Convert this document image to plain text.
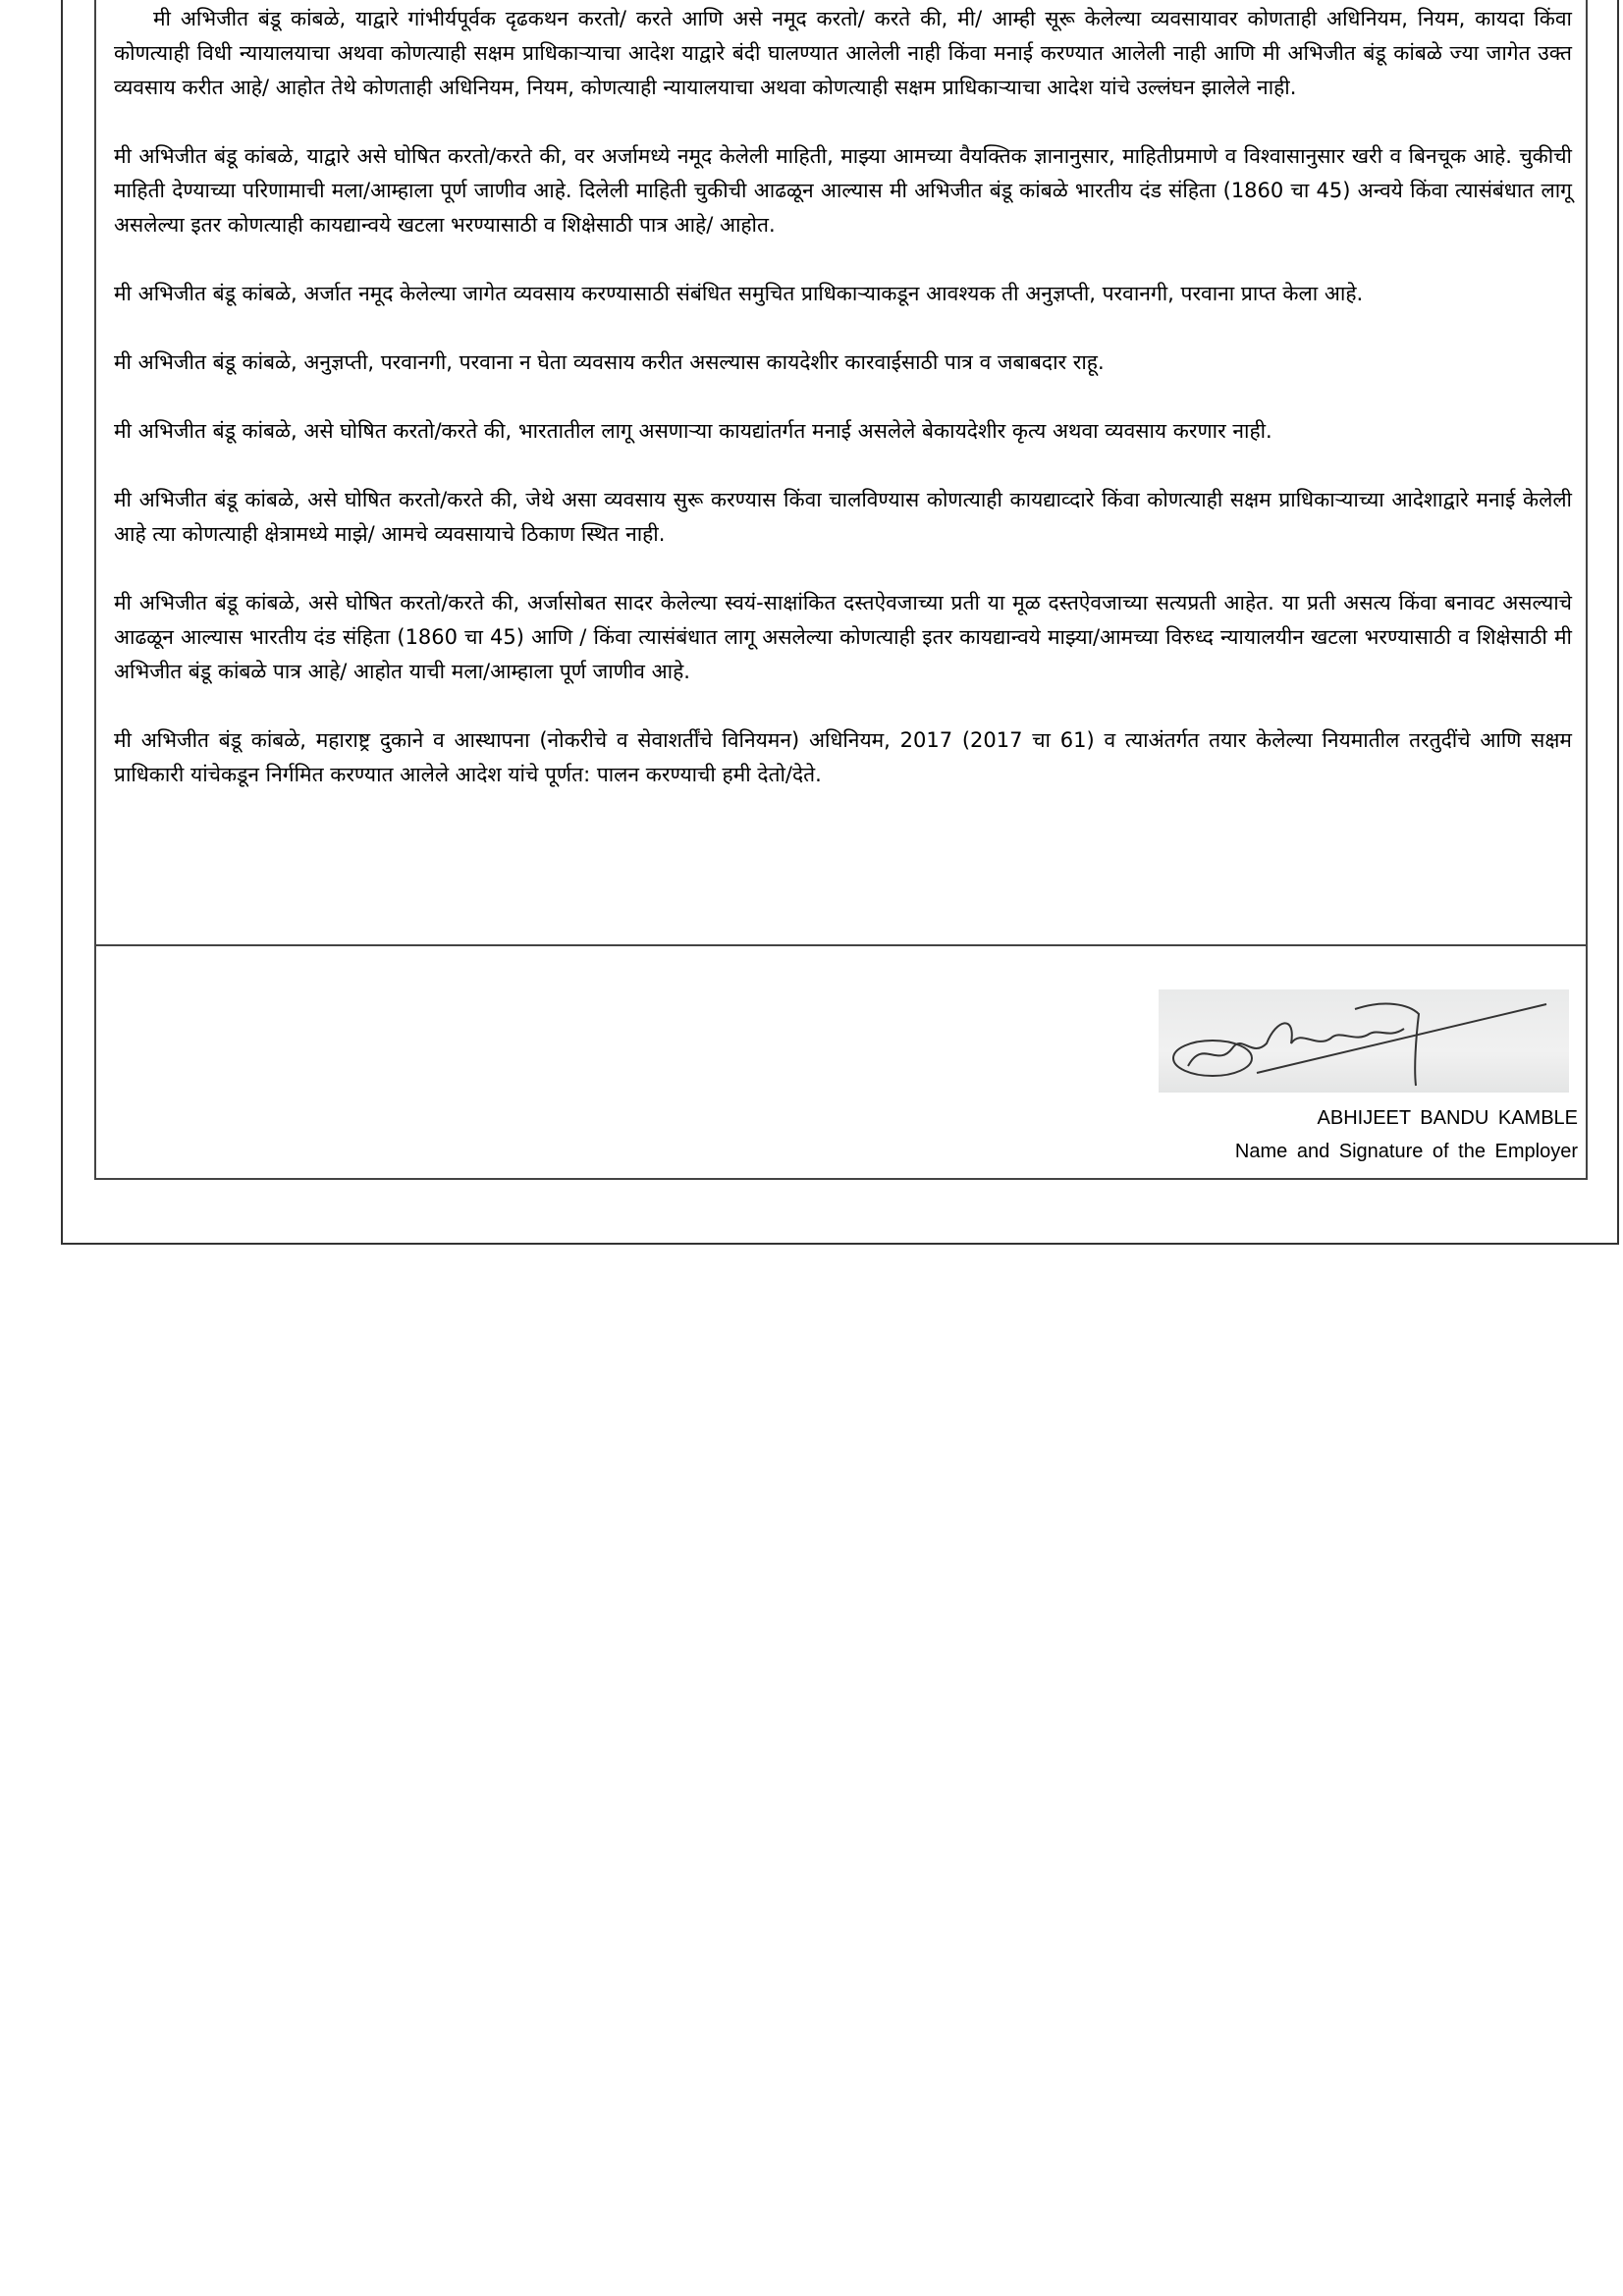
मी अभिजीत बंडू कांबळे, याद्वारे गांभीर्यपूर्वक दृढकथन करतो/ करते आणि असे नमूद करतो/ करते की, मी/ आम्ही सूरू केलेल्या व्यवसायावर कोणताही अधिनियम, नियम, कायदा किंवा कोणत्याही विधी न्यायालयाचा अथवा कोणत्याही सक्षम प्राधिकाऱ्याचा आदेश याद्वारे बंदी घालण्यात आलेली नाही किंवा मनाई करण्यात आलेली नाही आणि मी अभिजीत बंडू कांबळे ज्या जागेत उक्त व्यवसाय करीत आहे/ आहोत तेथे कोणताही अधिनियम, नियम, कोणत्याही न्यायालयाचा अथवा कोणत्याही सक्षम प्राधिकाऱ्याचा आदेश यांचे उल्लंघन झालेले नाही.

मी अभिजीत बंडू कांबळे, याद्वारे असे घोषित करतो/करते की, वर अर्जामध्ये नमूद केलेली माहिती, माझ्या आमच्या वैयक्तिक ज्ञानानुसार, माहितीप्रमाणे व विश्वासानुसार खरी व बिनचूक आहे. चुकीची माहिती देण्याच्या परिणामाची मला/आम्हाला पूर्ण जाणीव आहे. दिलेली माहिती चुकीची आढळून आल्यास मी अभिजीत बंडू कांबळे भारतीय दंड संहिता (1860 चा 45) अन्वये किंवा त्यासंबंधात लागू असलेल्या इतर कोणत्याही कायद्यान्वये खटला भरण्यासाठी व शिक्षेसाठी पात्र आहे/ आहोत.

मी अभिजीत बंडू कांबळे, अर्जात नमूद केलेल्या जागेत व्यवसाय करण्यासाठी संबंधित समुचित प्राधिकाऱ्याकडून आवश्यक ती अनुज्ञप्ती, परवानगी, परवाना प्राप्त केला आहे.

मी अभिजीत बंडू कांबळे, अनुज्ञप्ती, परवानगी, परवाना न घेता व्यवसाय करीत असल्यास कायदेशीर कारवाईसाठी पात्र व जबाबदार राहू.

मी अभिजीत बंडू कांबळे, असे घोषित करतो/करते की, भारतातील लागू असणाऱ्या कायद्यांतर्गत मनाई असलेले बेकायदेशीर कृत्य अथवा व्यवसाय करणार नाही.

मी अभिजीत बंडू कांबळे, असे घोषित करतो/करते की, जेथे असा व्यवसाय सुरू करण्यास किंवा चालविण्यास कोणत्याही कायद्याव्दारे किंवा कोणत्याही सक्षम प्राधिकाऱ्याच्या आदेशाद्वारे मनाई केलेली आहे त्या कोणत्याही क्षेत्रामध्ये माझे/ आमचे व्यवसायाचे ठिकाण स्थित नाही.

मी अभिजीत बंडू कांबळे, असे घोषित करतो/करते की, अर्जासोबत सादर केलेल्या स्वयं-साक्षांकित दस्तऐवजाच्या प्रती या मूळ दस्तऐवजाच्या सत्यप्रती आहेत. या प्रती असत्य किंवा बनावट असल्याचे आढळून आल्यास भारतीय दंड संहिता (1860 चा 45) आणि / किंवा त्यासंबंधात लागू असलेल्या कोणत्याही इतर कायद्यान्वये माझ्या/आमच्या विरुध्द न्यायालयीन खटला भरण्यासाठी व शिक्षेसाठी मी अभिजीत बंडू कांबळे पात्र आहे/ आहोत याची मला/आम्हाला पूर्ण जाणीव आहे.

मी अभिजीत बंडू कांबळे, महाराष्ट्र दुकाने व आस्थापना (नोकरीचे व सेवाशर्तींचे विनियमन) अधिनियम, 2017 (2017 चा 61) व त्याअंतर्गत तयार केलेल्या नियमातील तरतुदींचे आणि सक्षम प्राधिकारी यांचेकडून निर्गमित करण्यात आलेले आदेश यांचे पूर्णत: पालन करण्याची हमी देतो/देते.

ABHIJEET BANDU KAMBLE
Name and Signature of the Employer
